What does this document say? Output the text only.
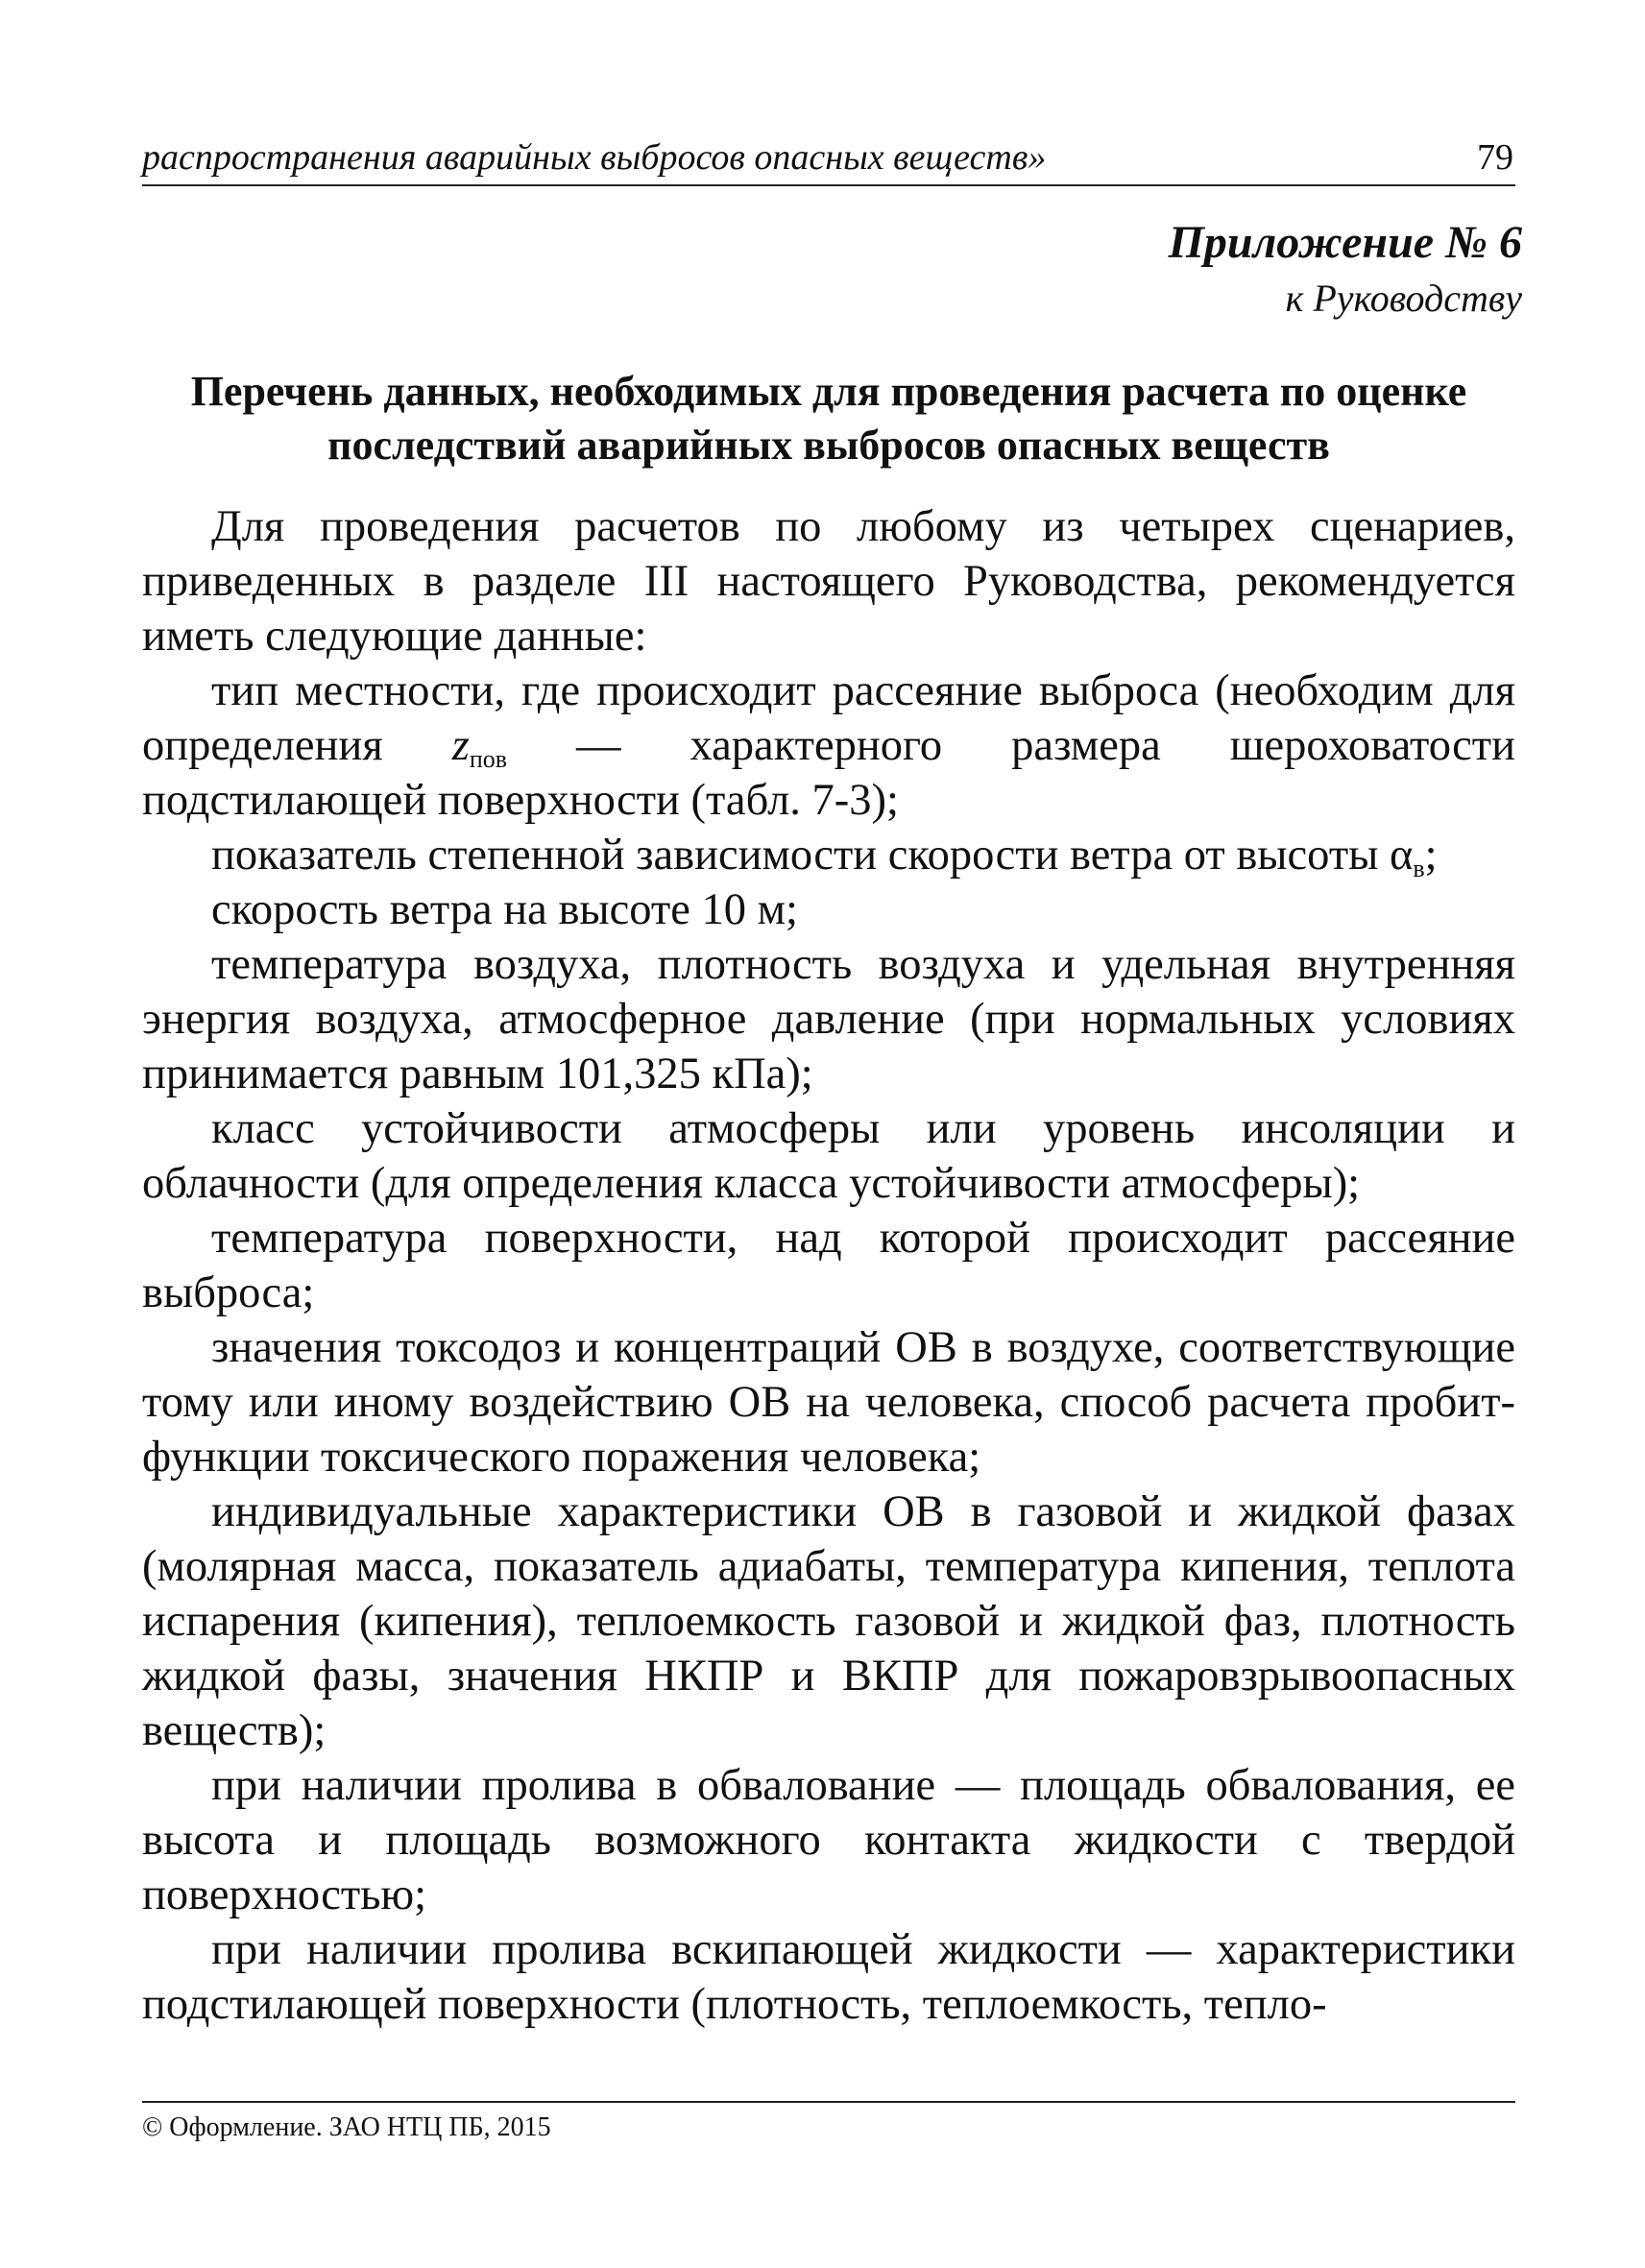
распространения аварийных выбросов опасных веществ»	79
Приложение № 6
к Руководству
Перечень данных, необходимых для проведения расчета по оценке
последствий аварийных выбросов опасных веществ

Для проведения расчетов по любому из четырех сценариев, приведенных в разделе III настоящего Руководства, рекомендуется иметь следующие данные:

тип местности, где происходит рассеяние выброса (необходим для определения $z_{пов}$ — характерного размера шероховатости подстилающей поверхности (табл. 7-3);

показатель степенной зависимости скорости ветра от высоты $\alpha_в$;

скорость ветра на высоте 10 м;

температура воздуха, плотность воздуха и удельная внутренняя энергия воздуха, атмосферное давление (при нормальных условиях принимается равным 101,325 кПа);

класс устойчивости атмосферы или уровень инсоляции и облачности (для определения класса устойчивости атмосферы);

температура поверхности, над которой происходит рассеяние выброса;

значения токсодоз и концентраций ОВ в воздухе, соответствующие тому или иному воздействию ОВ на человека, способ расчета пробит-функции токсического поражения человека;

индивидуальные характеристики ОВ в газовой и жидкой фазах (молярная масса, показатель адиабаты, температура кипения, теплота испарения (кипения), теплоемкость газовой и жидкой фаз, плотность жидкой фазы, значения НКПР и ВКПР для пожаровзрывоопасных веществ);

при наличии пролива в обвалование — площадь обвалования, ее высота и площадь возможного контакта жидкости с твердой поверхностью;

при наличии пролива вскипающей жидкости — характеристики подстилающей поверхности (плотность, теплоемкость, тепло-

© Оформление. ЗАО НТЦ ПБ, 2015
